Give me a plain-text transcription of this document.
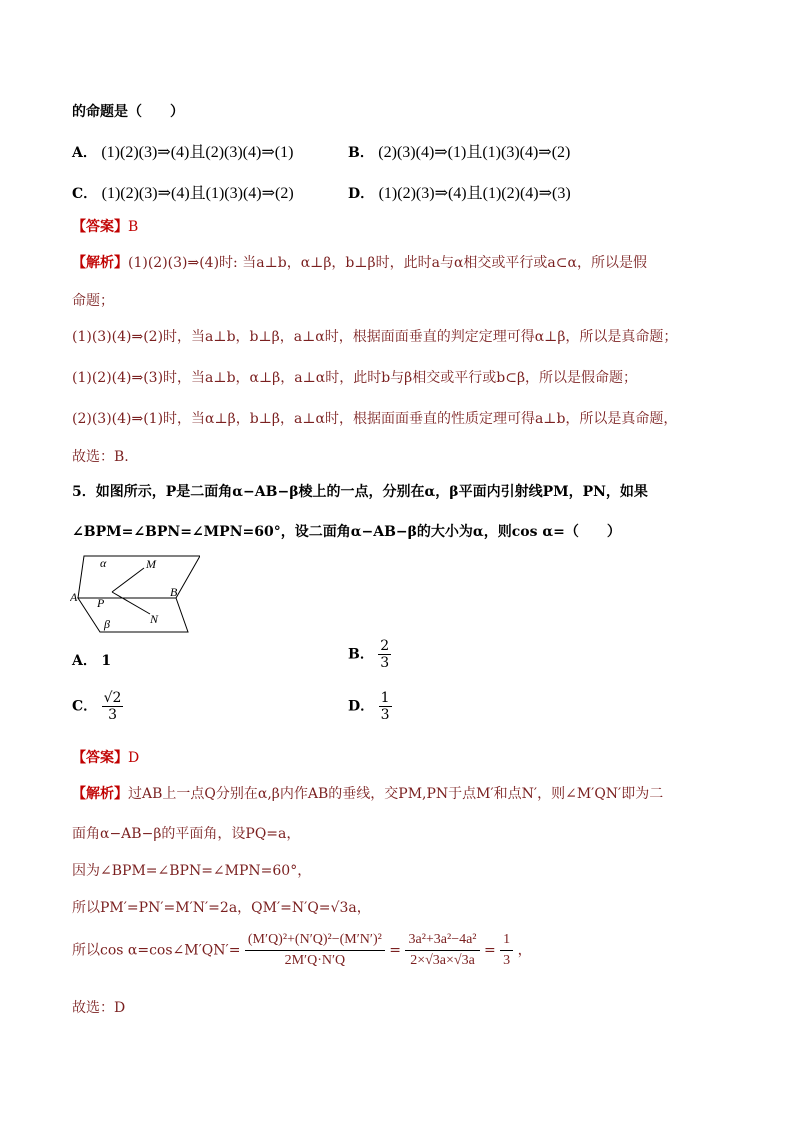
的命题是（　　）
A． (1)(2)(3)⇒(4)且(2)(3)(4)⇒(1)	B． (2)(3)(4)⇒(1)且(1)(3)(4)⇒(2)
C． (1)(2)(3)⇒(4)且(1)(3)(4)⇒(2)	D． (1)(2)(3)⇒(4)且(1)(2)(4)⇒(3)
【答案】B
【解析】(1)(2)(3)⇒(4)时: 当a⊥b，α⊥β，b⊥β时，此时a与α相交或平行或a⊂α，所以是假
命题；
(1)(3)(4)⇒(2)时，当a⊥b，b⊥β，a⊥α时，根据面面垂直的判定定理可得α⊥β，所以是真命题；
(1)(2)(4)⇒(3)时，当a⊥b，α⊥β，a⊥α时，此时b与β相交或平行或b⊂β，所以是假命题；
(2)(3)(4)⇒(1)时，当α⊥β，b⊥β，a⊥α时，根据面面垂直的性质定理可得a⊥b，所以是真命题，
故选：B.
5．如图所示，P是二面角α−AB−β棱上的一点，分别在α，β平面内引射线PM，PN，如果
∠BPM=∠BPN=∠MPN=60°，设二面角α−AB−β的大小为α，则cos α=（　　）
α	M
A P
B
β	N
A． 1	B． $\frac{2}{3}$
C． $\frac{√2}{3}$	D． $\frac{1}{3}$
【答案】D
【解析】过AB上一点Q分别在α,β内作AB的垂线，交PM,PN于点M′和点N′，则∠M′QN′即为二
面角α−AB−β的平面角，设PQ=a，
因为∠BPM=∠BPN=∠MPN=60°，
所以PM′=PN′=M′N′=2a，QM′=N′Q=√3a，
所以cos α=cos∠M′QN′= $\frac{\text{(M′Q)²+(N′Q)²−(M′N′)²}}{2M'Q\cdot N'Q} = \frac{\text{3a²+3a²−4a²}}{2\times√3a\times√3a} = \frac{1}{3}$ ，
故选：D
